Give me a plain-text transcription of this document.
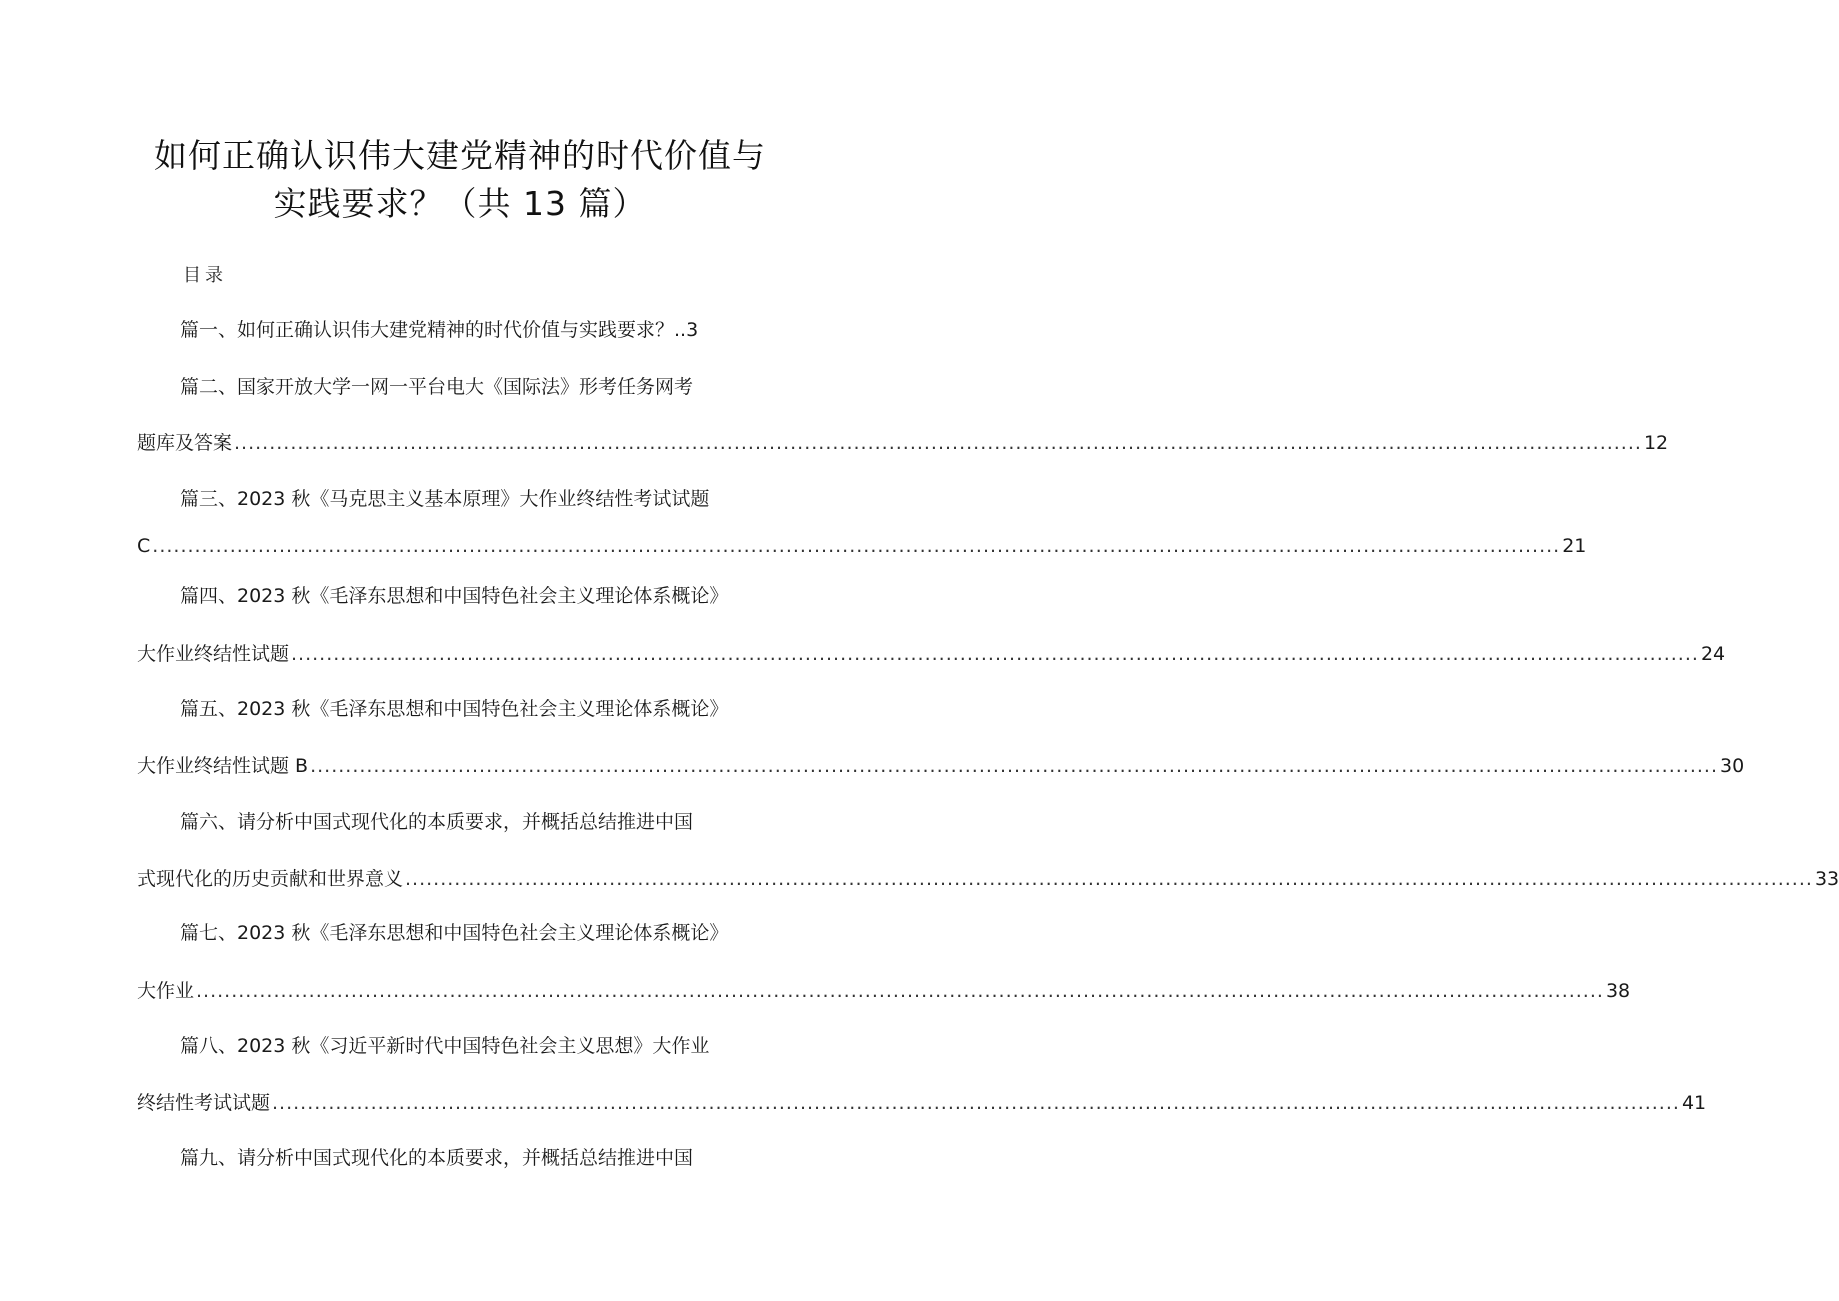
如何正确认识伟大建党精神的时代价值与
实践要求？（共 13 篇）
目录
篇一、如何正确认识伟大建党精神的时代价值与实践要求？..3
篇二、国家开放大学一网一平台电大《国际法》形考任务网考
题库及答案 ........................................................................................................................................................................................................ 12
篇三、2023 秋《马克思主义基本原理》大作业终结性考试试题
C ........................................................................................................................................................................................................ 21
篇四、2023 秋《毛泽东思想和中国特色社会主义理论体系概论》
大作业终结性试题 ........................................................................................................................................................................................................ 24
篇五、2023 秋《毛泽东思想和中国特色社会主义理论体系概论》
大作业终结性试题 B ........................................................................................................................................................................................................ 30
篇六、请分析中国式现代化的本质要求，并概括总结推进中国
式现代化的历史贡献和世界意义 ........................................................................................................................................................................................................ 33
篇七、2023 秋《毛泽东思想和中国特色社会主义理论体系概论》
大作业 ........................................................................................................................................................................................................ 38
篇八、2023 秋《习近平新时代中国特色社会主义思想》大作业
终结性考试试题 ........................................................................................................................................................................................................ 41
篇九、请分析中国式现代化的本质要求，并概括总结推进中国
